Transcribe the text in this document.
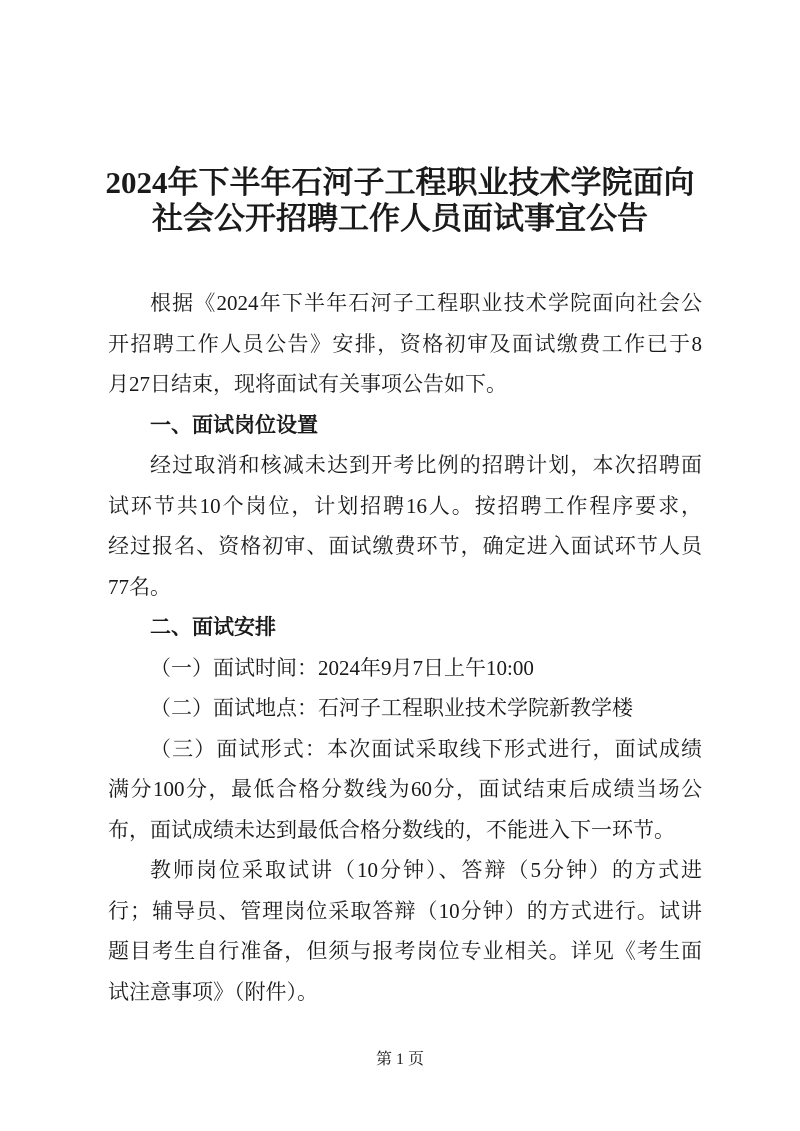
2024年下半年石河子工程职业技术学院面向
社会公开招聘工作人员面试事宜公告
根据《2024年下半年石河子工程职业技术学院面向社会公
开招聘工作人员公告》安排，资格初审及面试缴费工作已于8
月27日结束，现将面试有关事项公告如下。
一、面试岗位设置
经过取消和核减未达到开考比例的招聘计划，本次招聘面
试环节共10个岗位，计划招聘16人。按招聘工作程序要求，
经过报名、资格初审、面试缴费环节，确定进入面试环节人员
77名。
二、面试安排
（一）面试时间：2024年9月7日上午10:00
（二）面试地点：石河子工程职业技术学院新教学楼
（三）面试形式：本次面试采取线下形式进行，面试成绩
满分100分，最低合格分数线为60分，面试结束后成绩当场公
布，面试成绩未达到最低合格分数线的，不能进入下一环节。
教师岗位采取试讲（10分钟）、答辩（5分钟）的方式进
行；辅导员、管理岗位采取答辩（10分钟）的方式进行。试讲
题目考生自行准备，但须与报考岗位专业相关。详见《考生面
试注意事项》（附件）。
第 1 页
